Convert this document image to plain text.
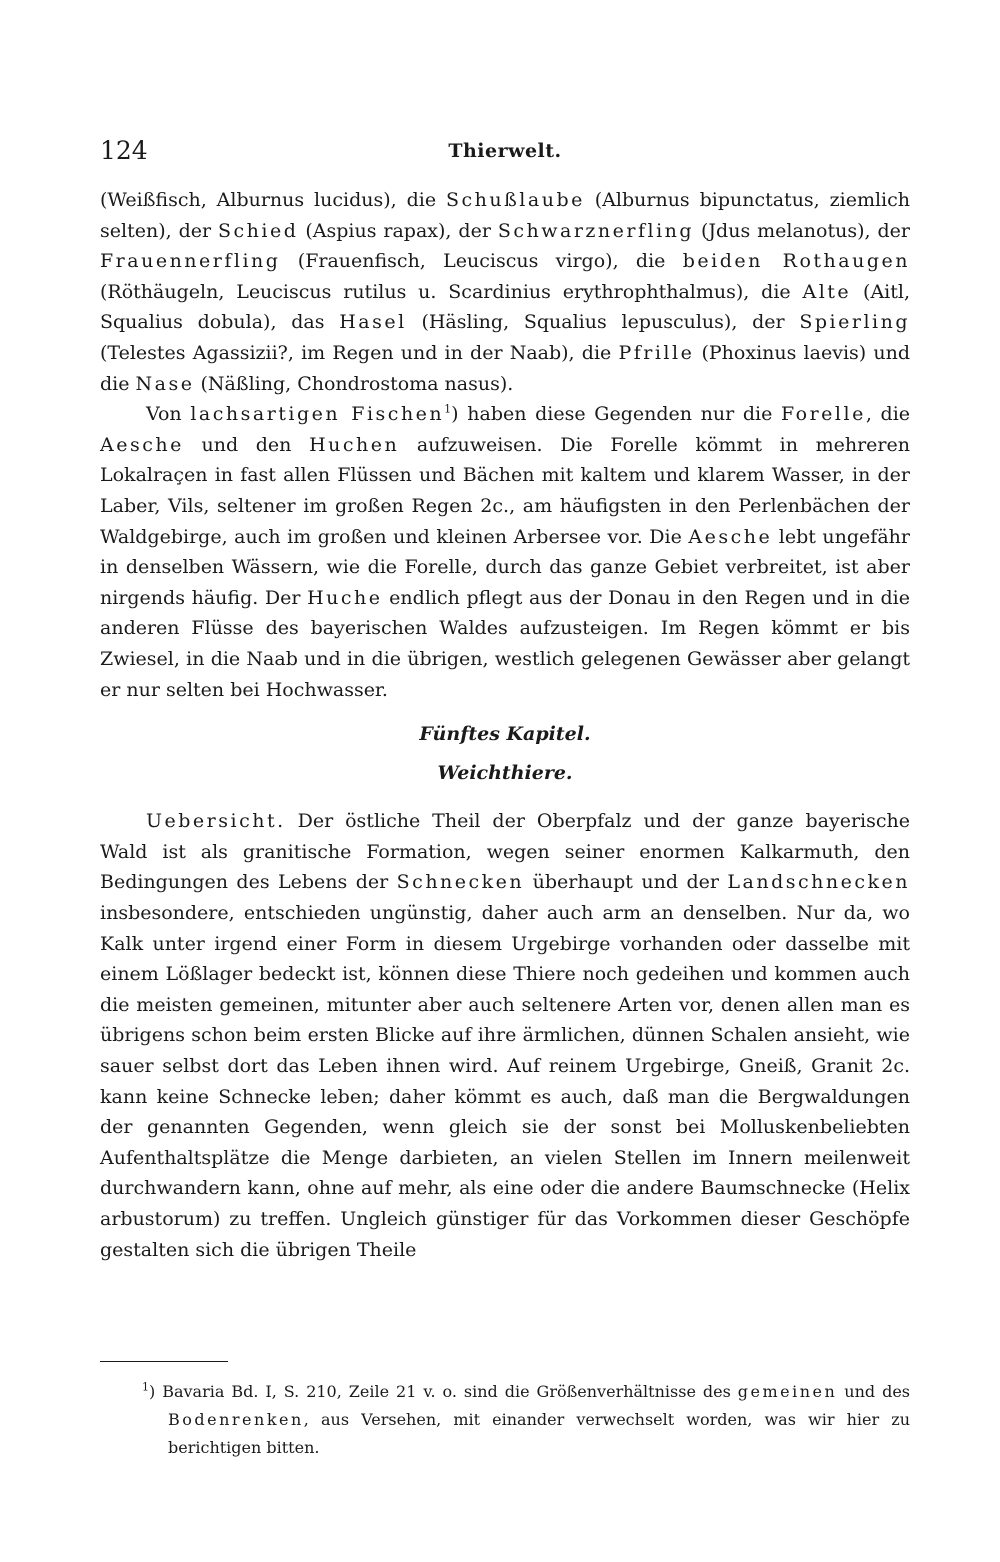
124	Thierwelt.

(Weißfisch, Alburnus lucidus), die Schußlaube (Alburnus bipunctatus, ziemlich selten), der Schied (Aspius rapax), der Schwarznerfling (Jdus melanotus), der Frauennerfling (Frauenfisch, Leuciscus virgo), die beiden Rothaugen (Röthäugeln, Leuciscus rutilus u. Scardinius erythrophthalmus), die Alte (Aitl, Squalius dobula), das Hasel (Häsling, Squalius lepusculus), der Spierling (Telestes Agassizii?, im Regen und in der Naab), die Pfrille (Phoxinus laevis) und die Nase (Näßling, Chondrostoma nasus).

Von lachsartigen Fischen$^1$) haben diese Gegenden nur die Forelle, die Aesche und den Huchen aufzuweisen. Die Forelle kömmt in mehreren Lokalraçen in fast allen Flüssen und Bächen mit kaltem und klarem Wasser, in der Laber, Vils, seltener im großen Regen 2c., am häufigsten in den Perlenbächen der Waldgebirge, auch im großen und kleinen Arbersee vor. Die Aesche lebt ungefähr in denselben Wässern, wie die Forelle, durch das ganze Gebiet verbreitet, ist aber nirgends häufig. Der Huche endlich pflegt aus der Donau in den Regen und in die anderen Flüsse des bayerischen Waldes aufzusteigen. Im Regen kömmt er bis Zwiesel, in die Naab und in die übrigen, westlich gelegenen Gewässer aber gelangt er nur selten bei Hochwasser.

Fünftes Kapitel.

Weichthiere.

Uebersicht. Der östliche Theil der Oberpfalz und der ganze bayerische Wald ist als granitische Formation, wegen seiner enormen Kalkarmuth, den Bedingungen des Lebens der Schnecken überhaupt und der Landschnecken insbesondere, entschieden ungünstig, daher auch arm an denselben. Nur da, wo Kalk unter irgend einer Form in diesem Urgebirge vorhanden oder dasselbe mit einem Lößlager bedeckt ist, können diese Thiere noch gedeihen und kommen auch die meisten gemeinen, mitunter aber auch seltenere Arten vor, denen allen man es übrigens schon beim ersten Blicke auf ihre ärmlichen, dünnen Schalen ansieht, wie sauer selbst dort das Leben ihnen wird. Auf reinem Urgebirge, Gneiß, Granit 2c. kann keine Schnecke leben; daher kömmt es auch, daß man die Bergwaldungen der genannten Gegenden, wenn gleich sie der sonst bei Molluskenbeliebten Aufenthaltsplätze die Menge darbieten, an vielen Stellen im Innern meilenweit durchwandern kann, ohne auf mehr, als eine oder die andere Baumschnecke (Helix arbustorum) zu treffen. Ungleich günstiger für das Vorkommen dieser Geschöpfe gestalten sich die übrigen Theile

$^1$) Bavaria Bd. I, S. 210, Zeile 21 v. o. sind die Größenverhältnisse des gemeinen und des Bodenrenken, aus Versehen, mit einander verwechselt worden, was wir hier zu berichtigen bitten.
